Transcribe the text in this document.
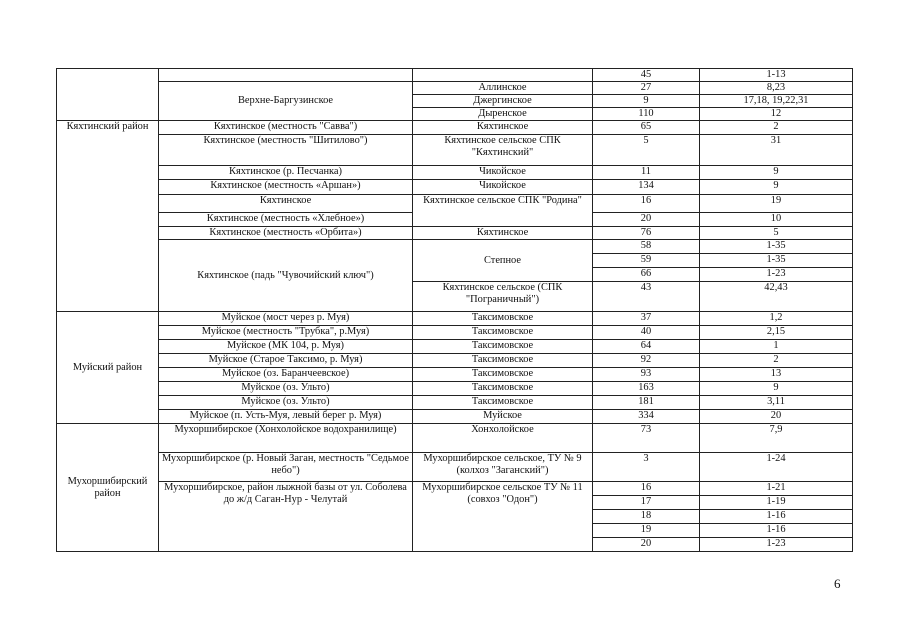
			45	1-13
	Верхне-Баргузинское	Аллинское	27	8,23
		Джергинское	9	17,18, 19,22,31
		Дыренское	110	12

Кяхтинский район	Кяхтинское (местность "Савва")	Кяхтинское	65	2
	Кяхтинское (местность "Шитилово")	Кяхтинское сельское СПК "Кяхтинский"	5	31
	Кяхтинское (р. Песчанка)	Чикойское	11	9
	Кяхтинское (местность «Аршан»)	Чикойское	134	9
	Кяхтинское	Кяхтинское сельское СПК "Родина"	16	19
	Кяхтинское (местность «Хлебное»)		20	10
	Кяхтинское (местность «Орбита»)	Кяхтинское	76	5
	Кяхтинское (падь "Чувочийский ключ")	Степное	58	1-35
			59	1-35
			66	1-23
		Кяхтинское сельское (СПК "Пограничный")	43	42,43

Муйский район	Муйское (мост через р. Муя)	Таксимовское	37	1,2
	Муйское (местность "Трубка", р.Муя)	Таксимовское	40	2,15
	Муйское (МК 104, р. Муя)	Таксимовское	64	1
	Муйское (Старое Таксимо, р. Муя)	Таксимовское	92	2
	Муйское (оз. Баранчеевское)	Таксимовское	93	13
	Муйское (оз. Ульто)	Таксимовское	163	9
	Муйское (оз. Ульто)	Таксимовское	181	3,11
	Муйское (п. Усть-Муя, левый берег р. Муя)	Муйское	334	20
Мухоршибирский район	Мухоршибирское (Хонхолойское водохранилище)	Хонхолойское	73	7,9
	Мухоршибирское (р. Новый Заган, местность "Седьмое небо")	Мухоршибирское сельское, ТУ № 9 (колхоз "Заганский")	3	1-24
	Мухоршибирское, район лыжной базы от ул. Соболева до ж/д Саган-Нур - Челутай	Мухоршибирское сельское ТУ № 11 (совхоз "Одон")	16	1-21
			17	1-19
			18	1-16
			19	1-16
			20	1-23
6
